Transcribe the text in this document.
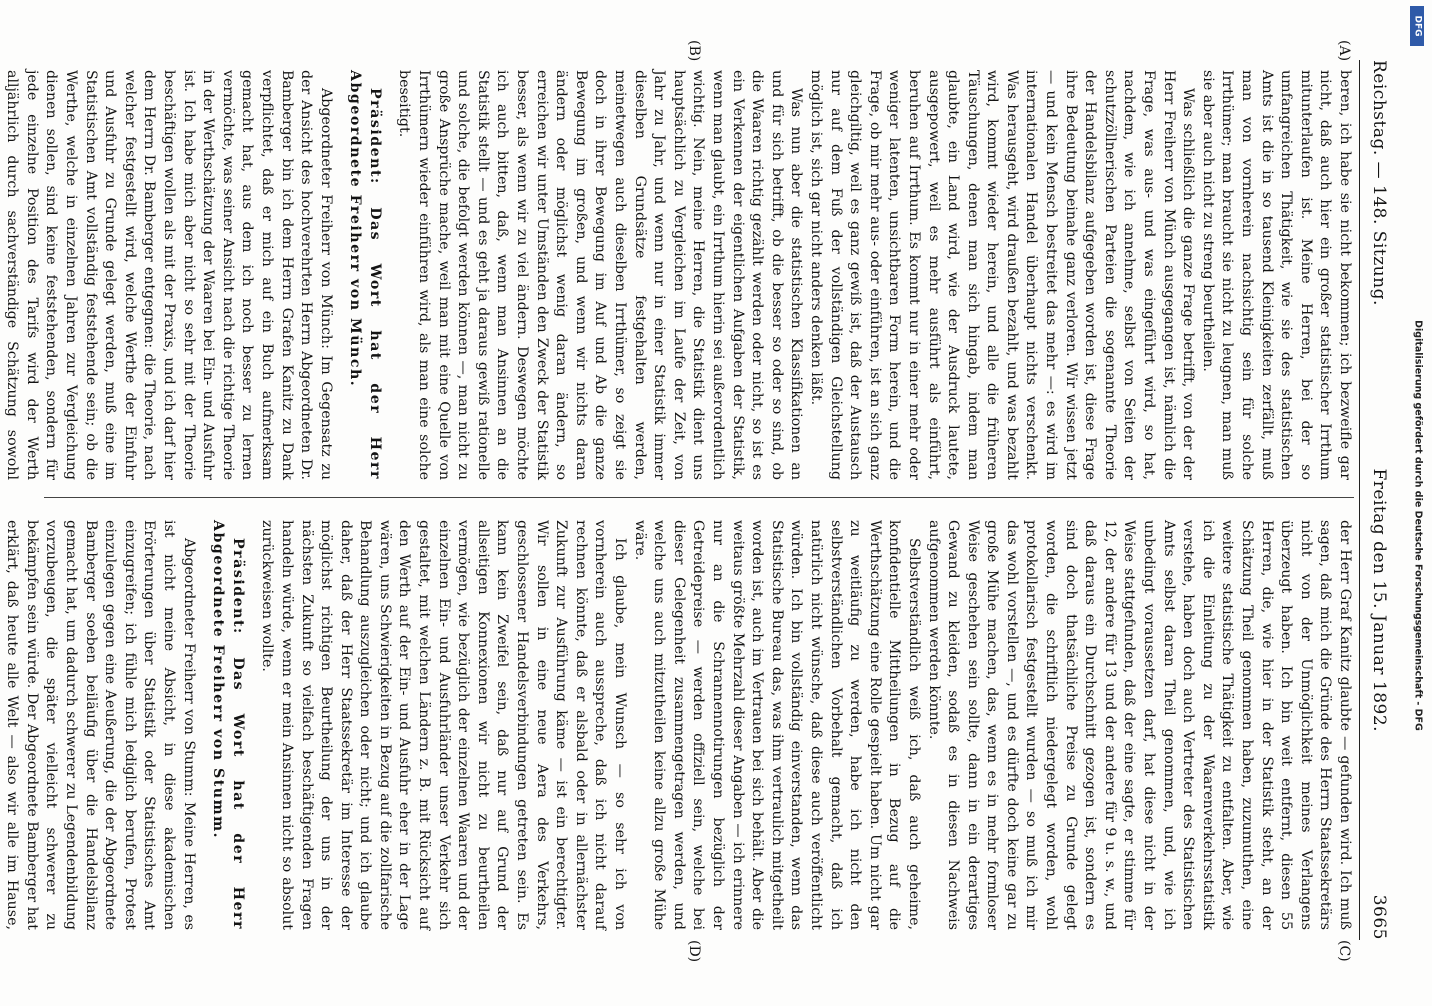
Reichstag. — 148. Sitzung.
Freitag den 15. Januar 1892.
3665
(A)
(B)
(C)
(D)

beren, ich habe sie nicht bekommen; ich bezweifle gar nicht, daß auch hier ein großer statistischer Irrthum mitunterlaufen ist. Meine Herren, bei der so umfangreichen Thätigkeit, wie sie des statistischen Amts ist die in so tausend Kleinigkeiten zerfällt, muß man von vornherein nachsichtig sein für solche Irrthümer; man braucht sie nicht zu leugnen, man muß sie aber auch nicht zu streng beurtheilen.

Was schließlich die ganze Frage betrifft, von der der Herr Freiherr von Münch ausgegangen ist, nämlich die Frage, was aus- und was eingeführt wird, so hat, nachdem, wie ich annehme, selbst von Seiten der schutzzöllnerischen Parteien die sogenannte Theorie der Handelsbilanz aufgegeben worden ist, diese Frage ihre Bedeutung beinahe ganz verloren. Wir wissen jetzt — und kein Mensch bestreitet das mehr —: es wird im internationalen Handel überhaupt nichts verschenkt. Was herausgeht, wird draußen bezahlt, und was bezahlt wird, kommt wieder herein, und alle die früheren Täuschungen, denen man sich hingab, indem man glaubte, ein Land wird, wie der Ausdruck lautete, ausgepowert, weil es mehr ausführt als einführt, beruhen auf Irrthum. Es kommt nur in einer mehr oder weniger latenten, unsichtbaren Form herein, und die Frage, ob mir mehr aus- oder einführen, ist an sich ganz gleichgiltig, weil es ganz gewiß ist, daß der Austausch nur auf dem Fuß der vollständigen Gleichstellung möglich ist, sich gar nicht anders denken läßt.

Was nun aber die statistischen Klassifikationen an und für sich betrifft, ob die besser so oder so sind, ob die Waaren richtig gezählt werden oder nicht, so ist es ein Verkennen der eigentlichen Aufgaben der Statistik, wenn man glaubt, ein Irrthum hierin sei außerordentlich wichtig. Nein, meine Herren, die Statistik dient uns hauptsächlich zu Vergleichen im Laufe der Zeit, von Jahr zu Jahr, und wenn nur in einer Statistik immer dieselben Grundsätze festgehalten werden, meinetwegen auch dieselben Irrthümer, so zeigt sie doch in ihrer Bewegung im Auf und Ab die ganze Bewegung im großen, und wenn wir nichts daran ändern oder möglichst wenig daran ändern, so erreichen wir unter Umständen den Zweck der Statistik besser, als wenn wir zu viel ändern. Deswegen möchte ich auch bitten, daß, wenn man Ansinnen an die Statistik stellt — und es geht ja daraus gewiß rationelle und solche, die befolgt werden können —, man nicht zu große Ansprüche mache, weil man mit eine Quelle von Irrthümern wieder einführen wird, als man eine solche beseitigt.

Präsident: Das Wort hat der Herr Abgeordnete Freiherr von Münch.

Abgeordneter Freiherr von Münch: Im Gegensatz zu der Ansicht des hochverehrten Herrn Abgeordneten Dr. Bamberger bin ich dem Herrn Grafen Kanitz zu Dank verpflichtet, daß er mich auf ein Buch aufmerksam gemacht hat, aus dem ich noch besser zu lernen vermöchte, was seiner Ansicht nach die richtige Theorie in der Werthschätzung der Waaren bei Ein- und Ausfuhr ist. Ich habe mich aber nicht so sehr mit der Theorie beschäftigen wollen als mit der Praxis, und ich darf hier dem Herrn Dr. Bamberger entgegnen: die Theorie, nach welcher festgestellt wird, welche Werthe der Einfuhr und Ausfuhr zu Grunde gelegt werden, muß eine im Statistischen Amt vollständig feststehende sein; ob die Werthe, welche in einzelnen Jahren zur Vergleichung dienen sollen, sind keine feststehenden, sondern für jede einzelne Position des Tarifs wird der Werth alljährlich durch sachverständige Schätzung sowohl

der Herr Graf Kanitz glaubte — gefunden wird. Ich muß sagen, daß mich die Gründe des Herrn Staatssekretärs nicht von der Unmöglichkeit meines Verlangens überzeugt haben. Ich bin weit entfernt, diesen 55 Herren, die, wie hier in der Statistik steht, an der Schätzung Theil genommen haben, zuzumuthen, eine weitere statistische Thätigkeit zu entfalten. Aber, wie ich die Einleitung zu der Waarenverkehrsstatistik verstehe, haben doch auch Vertreter des Statistischen Amts selbst daran Theil genommen, und, wie ich unbedingt voraussetzen darf, hat diese nicht in der Weise stattgefunden, daß der eine sagte, er stimme für 12, der andere für 13 und der andere für 9 u. s. w., und daß daraus ein Durchschnitt gezogen ist, sondern es sind doch thatsächliche Preise zu Grunde gelegt worden, die schriftlich niedergelegt worden, wohl protokollarisch festgestellt wurden — so muß ich mir das wohl vorstellen —, und es dürfte doch keine gar zu große Mühe machen, das, wenn es in mehr formloser Weise geschehen sein sollte, dann in ein derartiges Gewand zu kleiden, sodaß es in diesen Nachweis aufgenommen werden könnte.

Selbstverständlich weiß ich, daß auch geheime, konfidentielle Mittheilungen in Bezug auf die Werthschätzung eine Rolle gespielt haben. Um nicht gar zu weitläufig zu werden, habe ich nicht den selbstverständlichen Vorbehalt gemacht, daß ich natürlich nicht wünsche, daß diese auch veröffentlicht würden. Ich bin vollständig einverstanden, wenn das Statistische Bureau das, was ihm vertraulich mitgetheilt worden ist, auch im Vertrauen bei sich behält. Aber die weitaus größte Mehrzahl dieser Angaben — ich erinnere nur an die Schrannennotirungen bezüglich der Getreidepreise — werden offiziell sein, welche bei dieser Gelegenheit zusammengetragen werden, und welche uns auch mitzutheilen keine allzu große Mühe wäre.

Ich glaube, mein Wunsch — so sehr ich von vornherein auch ausspreche, daß ich nicht darauf rechnen könnte, daß er alsbald oder in allernächster Zukunft zur Ausführung käme — ist ein berechtigter. Wir sollen in eine neue Aera des Verkehrs, geschlossener Handelsverbindungen getreten sein. Es kann kein Zweifel sein, daß nur auf Grund der allseitigen Konnexionen wir nicht zu beurtheilen vermögen, wie bezüglich der einzelnen Waaren und der einzelnen Ein- und Ausfuhrländer unser Verkehr sich gestaltet, mit welchen Ländern z. B. mit Rücksicht auf den Werth auf der Ein- und Ausfuhr eher in der Lage wären, uns Schwierigkeiten in Bezug auf die zollfarische Behandlung auszugleichen oder nicht; und ich glaube daher, daß der Herr Staatssekretär im Interesse der möglichst richtigen Beurtheilung der uns in der nächsten Zukunft so vielfach beschäftigenden Fragen handeln würde, wenn er mein Ansinnen nicht so absolut zurückweisen wollte.

Präsident: Das Wort hat der Herr Abgeordnete Freiherr von Stumm.

Abgeordneter Freiherr von Stumm: Meine Herren, es ist nicht meine Absicht, in diese akademischen Erörterungen über Statistik oder Statistisches Amt einzugreifen; ich fühle mich lediglich berufen, Protest einzulegen gegen eine Aeußerung, die der Abgeordnete Bamberger soeben beiläufig über die Handelsbilanz gemacht hat, um dadurch schwerer zu Legendenbildung vorzubeugen, die später vielleicht schwerer zu bekämpfen sein würde. Der Abgeordnete Bamberger hat erklärt, daß heute alle Welt — also wir alle im Hause,

DFG
Digitalisierung gefördert durch die Deutsche Forschungsgemeinschaft - DFG
